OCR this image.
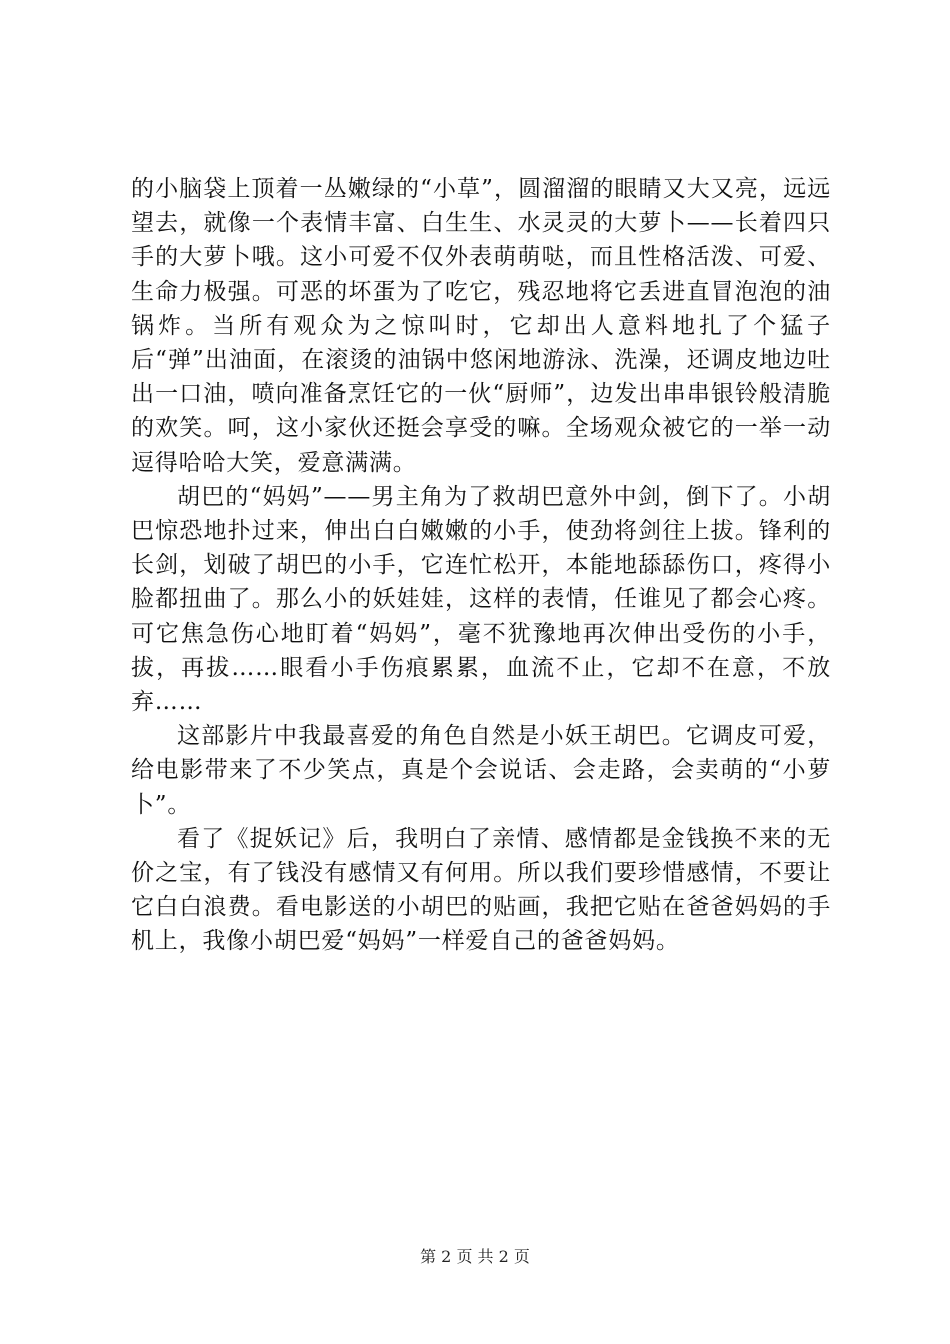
的小脑袋上顶着一丛嫩绿的“小草”，圆溜溜的眼睛又大又亮，远远望去，就像一个表情丰富、白生生、水灵灵的大萝卜——长着四只手的大萝卜哦。这小可爱不仅外表萌萌哒，而且性格活泼、可爱、生命力极强。可恶的坏蛋为了吃它，残忍地将它丢进直冒泡泡的油锅炸。当所有观众为之惊叫时，它却出人意料地扎了个猛子后“弹”出油面，在滚烫的油锅中悠闲地游泳、洗澡，还调皮地边吐出一口油，喷向准备烹饪它的一伙“厨师”，边发出串串银铃般清脆的欢笑。呵，这小家伙还挺会享受的嘛。全场观众被它的一举一动逗得哈哈大笑，爱意满满。

胡巴的“妈妈”——男主角为了救胡巴意外中剑，倒下了。小胡巴惊恐地扑过来，伸出白白嫩嫩的小手，使劲将剑往上拔。锋利的长剑，划破了胡巴的小手，它连忙松开，本能地舔舔伤口，疼得小脸都扭曲了。那么小的妖娃娃，这样的表情，任谁见了都会心疼。可它焦急伤心地盯着“妈妈”，毫不犹豫地再次伸出受伤的小手，拔，再拔……眼看小手伤痕累累，血流不止，它却不在意，不放弃……

这部影片中我最喜爱的角色自然是小妖王胡巴。它调皮可爱，给电影带来了不少笑点，真是个会说话、会走路，会卖萌的“小萝卜”。

看了《捉妖记》后，我明白了亲情、感情都是金钱换不来的无价之宝，有了钱没有感情又有何用。所以我们要珍惜感情，不要让它白白浪费。看电影送的小胡巴的贴画，我把它贴在爸爸妈妈的手机上，我像小胡巴爱“妈妈”一样爱自己的爸爸妈妈。

第 2 页 共 2 页
